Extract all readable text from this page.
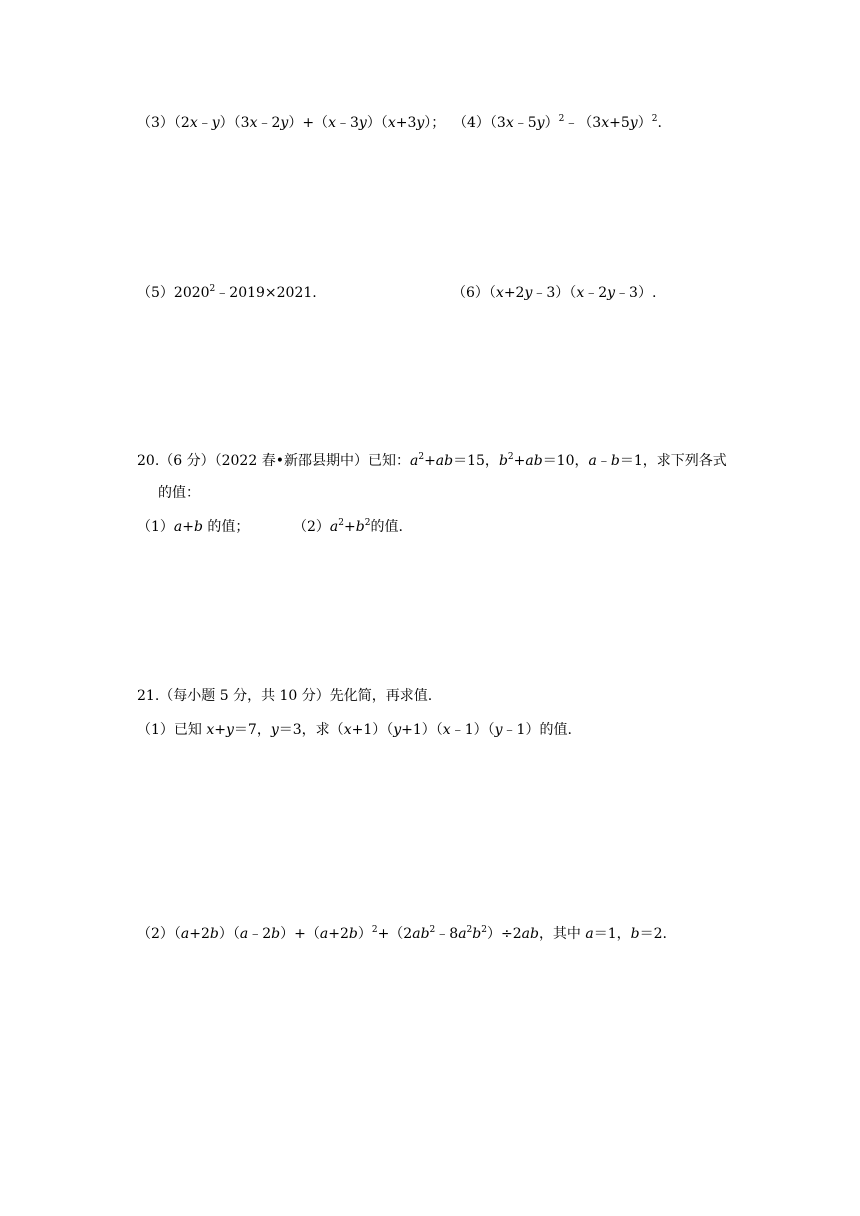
（3）（2x﹣y）（3x﹣2y）+（x﹣3y）（x+3y）； $(4)(3x﹣5y)^2﹣(3x+5y)^2$.
$(5)2020^2﹣2019\times 2021$.	（6）（x+2y﹣3）（x﹣2y﹣3）.
20.（6 分）（2022 春•新邵县期中）已知：$a^2+ab=15$，$b^2+ab=10$，a﹣b＝1，求下列各式
的值：
（1）a+b 的值；	$(2)a^2+b^2$的值.
21.（每小题 5 分，共 10 分）先化简，再求值.
（1）已知 x+y＝7，y＝3，求（x+1）（y+1）（x﹣1）（y﹣1）的值.
$(2)(a+2b)(a﹣2b)+(a+2b)^2+(2ab^2﹣8a^2b^2)\div 2ab$，其中 a＝1，b＝2.
